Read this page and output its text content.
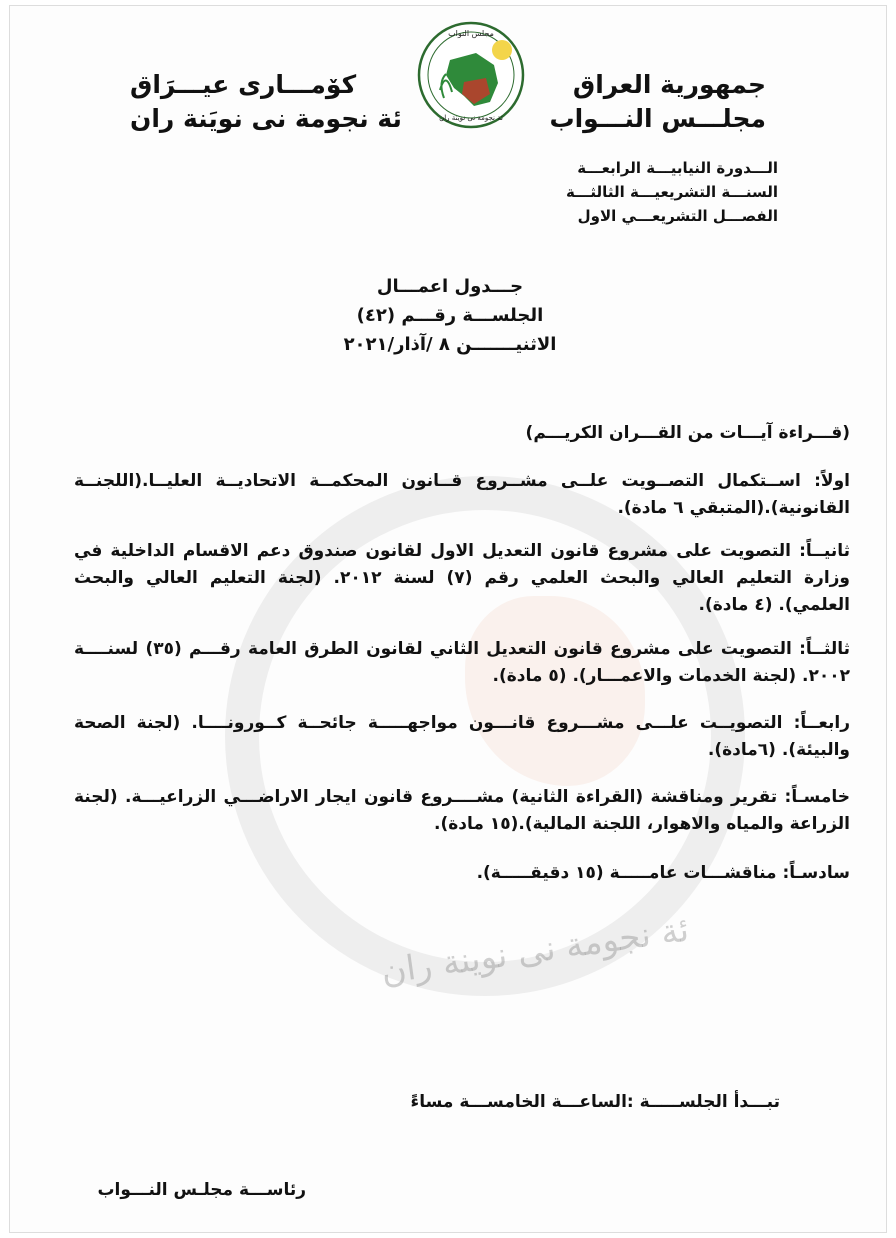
ئة نجومة نى نوينة ران
جمهورية العراق
مجلـــس النـــواب
مجلس النواب
ئة نجومة نى نوينة ران
كۆمـــارى عيـــرَاق
ئة نجومة نى نويَنة ران
الـــدورة النيابيـــة الرابعـــة
السنـــة التشريعيـــة الثالثـــة
الفصـــل التشريعـــي الاول
جـــدول اعمـــال
الجلســـة رقـــم (٤٢)
الاثنيـــــــن ٨ /آذار/٢٠٢١
(قـــراءة آيـــات من القـــران الكريـــم)
اولاً: اســتكمال التصــويت علــى مشــروع قــانون المحكمــة الاتحاديــة العليــا.(اللجنــة القانونية).(المتبقي ٦ مادة).
ثانيــاً: التصويت على مشروع قانون التعديل الاول لقانون صندوق دعم الاقسام الداخلية في وزارة التعليم العالي والبحث العلمي رقم (٧) لسنة ٢٠١٢. (لجنة التعليم العالي والبحث العلمي). (٤ مادة).
ثالثــاً: التصويت على مشروع قانون التعديل الثاني لقانون الطرق العامة رقـــم (٣٥) لسنــــة ٢٠٠٢. (لجنة الخدمات والاعمـــار). (٥ مادة).
رابعــاً: التصويــت علـــى مشـــروع قانـــون مواجهـــــة جائحــة كــورونــــا. (لجنة الصحة والبيئة). (٦مادة).
خامسـاً: تقرير ومناقشة (القراءة الثانية) مشــــروع قانون ايجار الاراضـــي الزراعيـــة. (لجنة الزراعة والمياه والاهوار، اللجنة المالية).(١٥ مادة).
سادسـاً: مناقشـــات عامـــــة (١٥ دقيقـــــة).
تبـــدأ الجلســـــة :الساعـــة الخامســـة مساءً
رئاســـة مجلـس النـــواب
